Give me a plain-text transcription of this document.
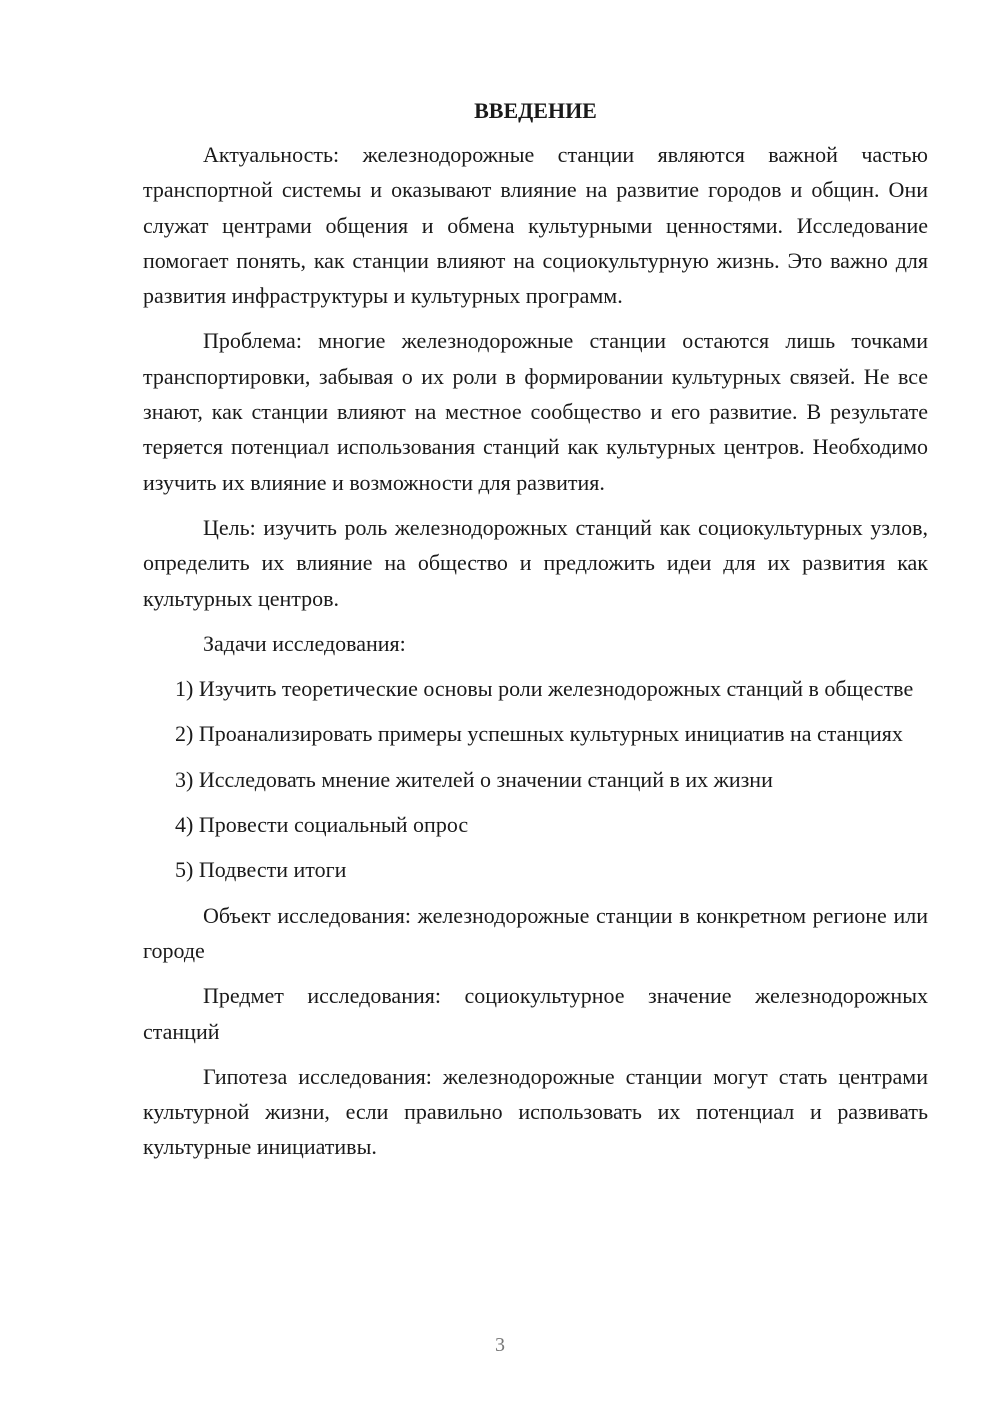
ВВЕДЕНИЕ

Актуальность: железнодорожные станции являются важной частью транспортной системы и оказывают влияние на развитие городов и общин. Они служат центрами общения и обмена культурными ценностями. Исследование помогает понять, как станции влияют на социокультурную жизнь. Это важно для развития инфраструктуры и культурных программ.

Проблема: многие железнодорожные станции остаются лишь точками транспортировки, забывая о их роли в формировании культурных связей. Не все знают, как станции влияют на местное сообщество и его развитие. В результате теряется потенциал использования станций как культурных центров. Необходимо изучить их влияние и возможности для развития.

Цель: изучить роль железнодорожных станций как социокультурных узлов, определить их влияние на общество и предложить идеи для их развития как культурных центров.

Задачи исследования:

1) Изучить теоретические основы роли железнодорожных станций в обществе

2) Проанализировать примеры успешных культурных инициатив на станциях

3) Исследовать мнение жителей о значении станций в их жизни

4) Провести социальный опрос

5) Подвести итоги

Объект исследования: железнодорожные станции в конкретном регионе или городе

Предмет исследования: социокультурное значение железнодорожных станций

Гипотеза исследования: железнодорожные станции могут стать центрами культурной жизни, если правильно использовать их потенциал и развивать культурные инициативы.

3
